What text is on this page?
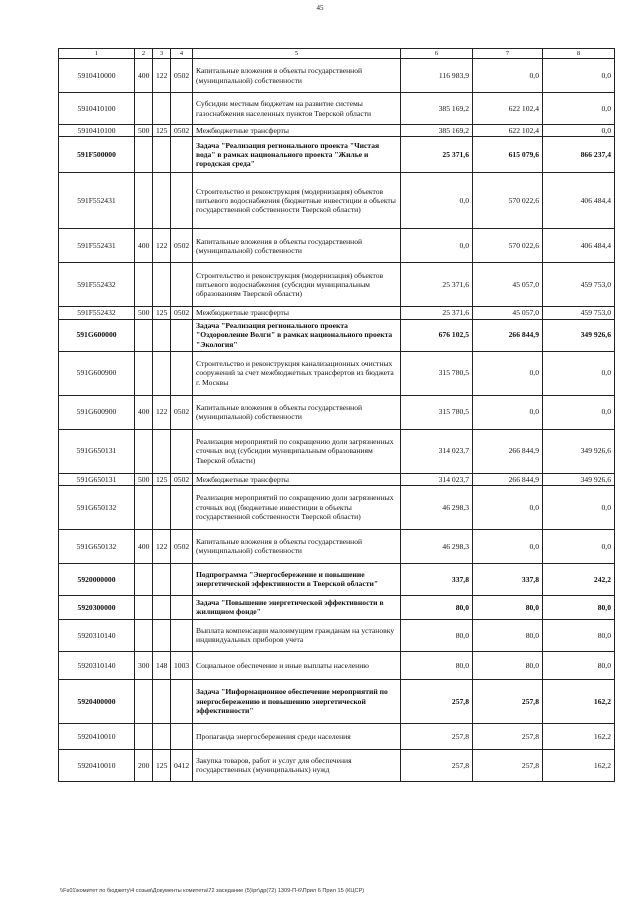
45
1	2	3	4	5	6	7	8
5910410000	400	122	0502	Капитальные вложения в объекты государственной (муниципальной) собственности	116 983,9	0,0	0,0
5910410100				Субсидии местным бюджетам на развитие системы газоснабжения населенных пунктов Тверской области	385 169,2	622 102,4	0,0
5910410100	500	125	0502	Межбюджетные трансферты	385 169,2	622 102,4	0,0
591F500000				Задача "Реализация регионального проекта "Чистая вода" в рамках национального проекта "Жилье и городская среда"	25 371,6	615 079,6	866 237,4
591F552431				Строительство и реконструкция (модернизация) объектов питьевого водоснабжения (бюджетные инвестиции в объекты государственной собственности Тверской области)	0,0	570 022,6	406 484,4
591F552431	400	122	0502	Капитальные вложения в объекты государственной (муниципальной) собственности	0,0	570 022,6	406 484,4
591F552432				Строительство и реконструкция (модернизация) объектов питьевого водоснабжения (субсидии муниципальным образованиям Тверской области)	25 371,6	45 057,0	459 753,0
591F552432	500	125	0502	Межбюджетные трансферты	25 371,6	45 057,0	459 753,0
591G600000				Задача "Реализация регионального проекта "Оздоровление Волги" в рамках национального проекта "Экология"	676 102,5	266 844,9	349 926,6
591G600900				Строительство и реконструкция канализационных очистных сооружений за счет межбюджетных трансфертов из бюджета г. Москвы	315 780,5	0,0	0,0
591G600900	400	122	0502	Капитальные вложения в объекты государственной (муниципальной) собственности	315 780,5	0,0	0,0
591G650131				Реализация мероприятий по сокращению доли загрязненных сточных вод (субсидии муниципальным образованиям Тверской области)	314 023,7	266 844,9	349 926,6
591G650131	500	125	0502	Межбюджетные трансферты	314 023,7	266 844,9	349 926,6
591G650132				Реализация мероприятий по сокращению доли загрязненных сточных вод (бюджетные инвестиции в объекты государственной собственности Тверской области)	46 298,3	0,0	0,0
591G650132	400	122	0502	Капитальные вложения в объекты государственной (муниципальной) собственности	46 298,3	0,0	0,0
5920000000				Подпрограмма "Энергосбережение и повышение энергетической эффективности в Тверской области"	337,8	337,8	242,2
5920300000				Задача "Повышение энергетической эффективности в жилищном фонде"	80,0	80,0	80,0
5920310140				Выплата компенсации малоимущим гражданам на установку индивидуальных приборов учета	80,0	80,0	80,0
5920310140	300	148	1003	Социальное обеспечение и иные выплаты населению	80,0	80,0	80,0
5920400000				Задача "Информационное обеспечение мероприятий по энергосбережению и повышению энергетической эффективности"	257,8	257,8	162,2
5920410010				Пропаганда энергосбережения среди населения	257,8	257,8	162,2
5920410010	200	125	0412	Закупка товаров, работ и услуг для обеспечения государственных (муниципальных) нужд	257,8	257,8	162,2
\\Fs01\комитет по бюджету\4 созыв\Документы комитета\72 заседание (5)\рг\др(72) 1309-П-6\Прил 6 Прил 15 (КЦСР)
